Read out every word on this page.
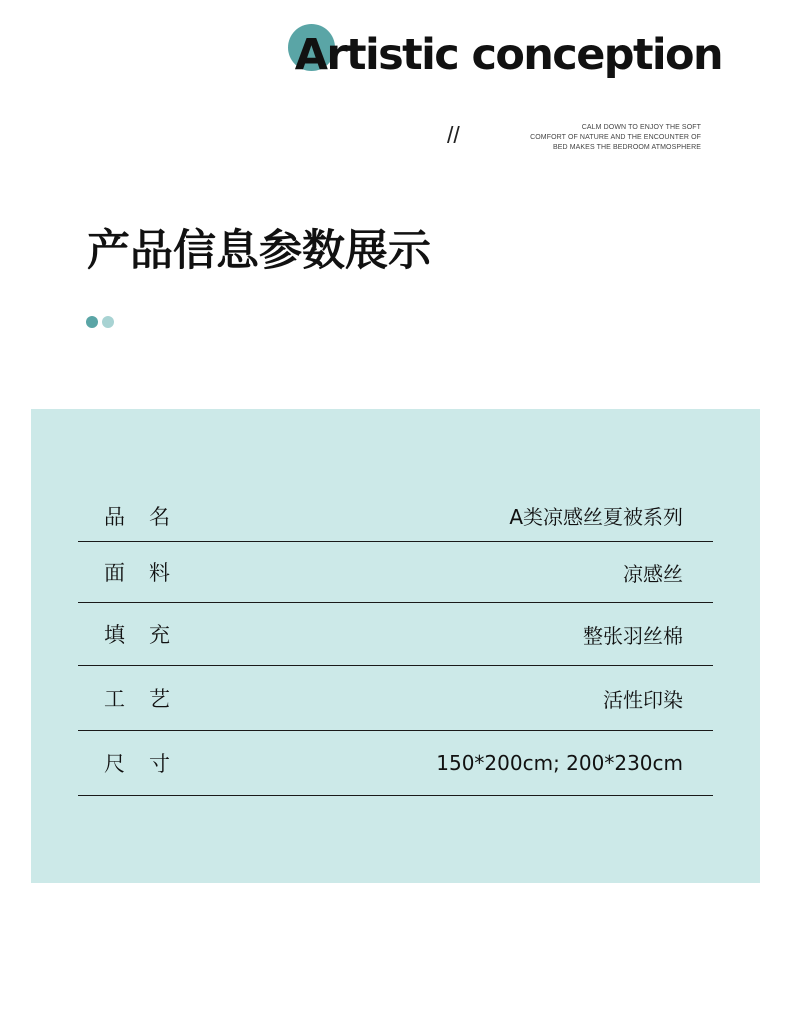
Artistic conception
//	CALM DOWN TO ENJOY THE SOFT
COMFORT OF NATURE AND THE ENCOUNTER OF
BED MAKES THE BEDROOM ATMOSPHERE
产品信息参数展示
品名	A类凉感丝夏被系列
面料	凉感丝
填充	整张羽丝棉
工艺	活性印染
尺寸	150*200cm; 200*230cm
